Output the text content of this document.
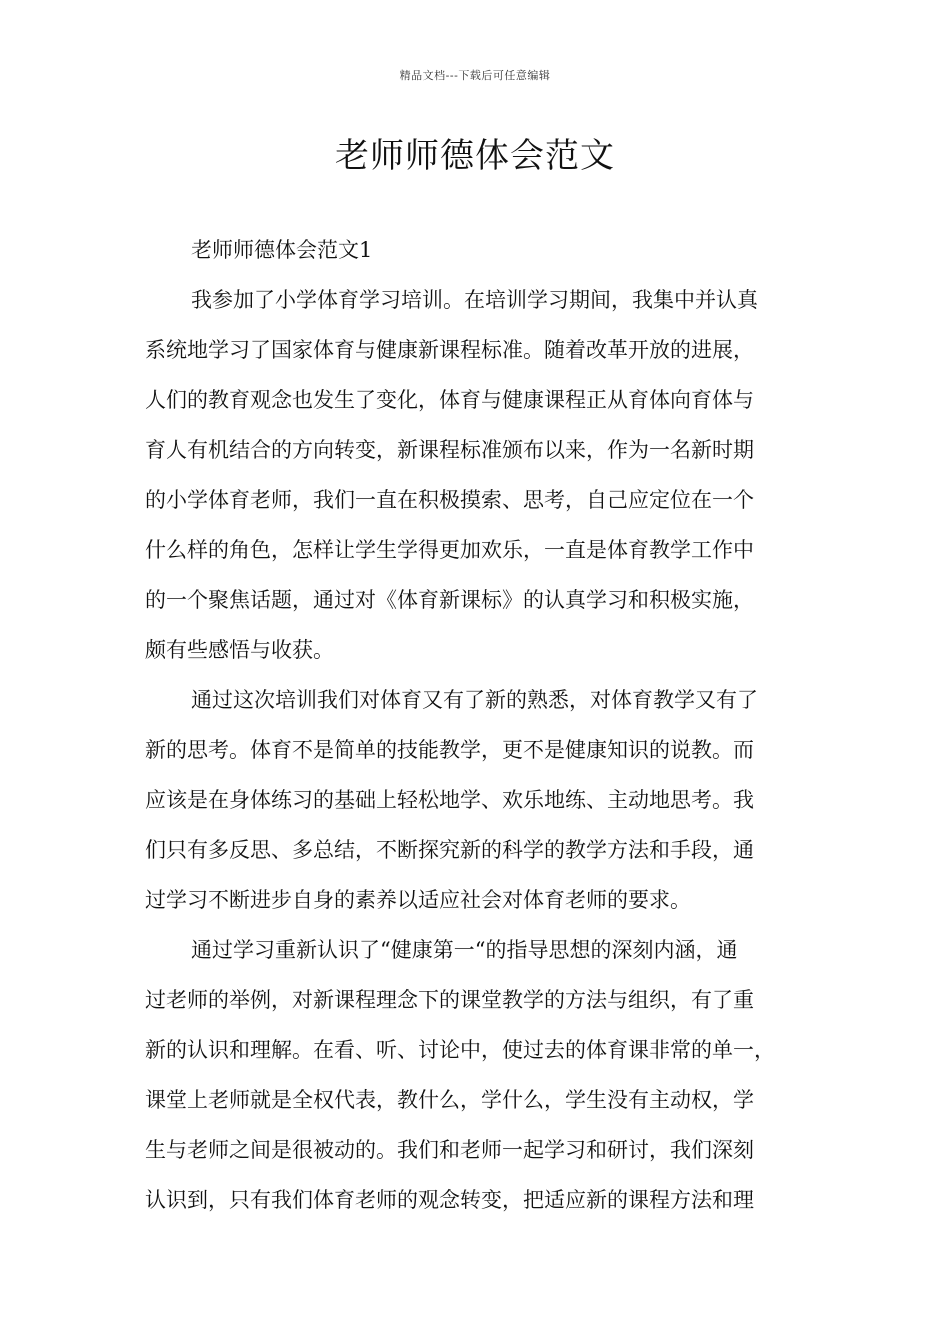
精品文档---下载后可任意编辑
老师师德体会范文
老师师德体会范文1
我参加了小学体育学习培训。在培训学习期间，我集中并认真
系统地学习了国家体育与健康新课程标准。随着改革开放的进展，
人们的教育观念也发生了变化，体育与健康课程正从育体向育体与
育人有机结合的方向转变，新课程标准颁布以来，作为一名新时期
的小学体育老师，我们一直在积极摸索、思考，自己应定位在一个
什么样的角色，怎样让学生学得更加欢乐，一直是体育教学工作中
的一个聚焦话题，通过对《体育新课标》的认真学习和积极实施，
颇有些感悟与收获。
通过这次培训我们对体育又有了新的熟悉，对体育教学又有了
新的思考。体育不是简单的技能教学，更不是健康知识的说教。而
应该是在身体练习的基础上轻松地学、欢乐地练、主动地思考。我
们只有多反思、多总结，不断探究新的科学的教学方法和手段，通
过学习不断进步自身的素养以适应社会对体育老师的要求。
通过学习重新认识了“健康第一“的指导思想的深刻内涵，通
过老师的举例，对新课程理念下的课堂教学的方法与组织，有了重
新的认识和理解。在看、听、讨论中，使过去的体育课非常的单一，
课堂上老师就是全权代表，教什么，学什么，学生没有主动权，学
生与老师之间是很被动的。我们和老师一起学习和研讨，我们深刻
认识到，只有我们体育老师的观念转变，把适应新的课程方法和理
